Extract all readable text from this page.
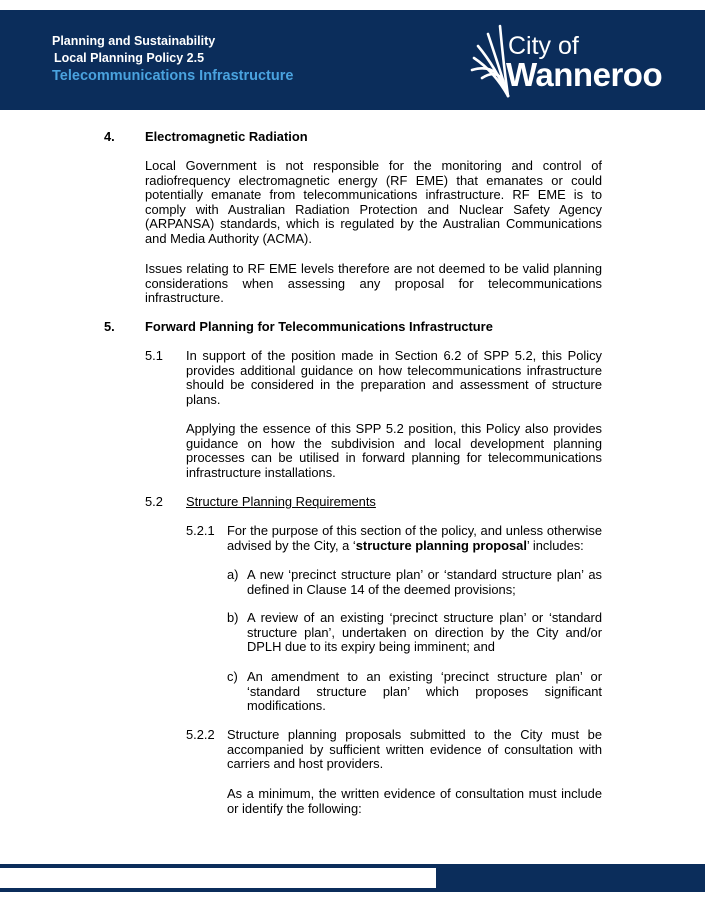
Planning and Sustainability
Local Planning Policy 2.5
Telecommunications Infrastructure
City of
Wanneroo
4. Electromagnetic Radiation
Local Government is not responsible for the monitoring and control of radiofrequency electromagnetic energy (RF EME) that emanates or could potentially emanate from telecommunications infrastructure. RF EME is to comply with Australian Radiation Protection and Nuclear Safety Agency (ARPANSA) standards, which is regulated by the Australian Communications and Media Authority (ACMA).
Issues relating to RF EME levels therefore are not deemed to be valid planning considerations when assessing any proposal for telecommunications infrastructure.
5. Forward Planning for Telecommunications Infrastructure
5.1 In support of the position made in Section 6.2 of SPP 5.2, this Policy provides additional guidance on how telecommunications infrastructure should be considered in the preparation and assessment of structure plans.
Applying the essence of this SPP 5.2 position, this Policy also provides guidance on how the subdivision and local development planning processes can be utilised in forward planning for telecommunications infrastructure installations.
5.2 Structure Planning Requirements
5.2.1 For the purpose of this section of the policy, and unless otherwise advised by the City, a ‘structure planning proposal’ includes:
a) A new ‘precinct structure plan’ or ‘standard structure plan’ as defined in Clause 14 of the deemed provisions;
b) A review of an existing ‘precinct structure plan’ or ‘standard structure plan’, undertaken on direction by the City and/or DPLH due to its expiry being imminent; and
c) An amendment to an existing ‘precinct structure plan’ or ‘standard structure plan’ which proposes significant modifications.
5.2.2 Structure planning proposals submitted to the City must be accompanied by sufficient written evidence of consultation with carriers and host providers.
As a minimum, the written evidence of consultation must include or identify the following:
